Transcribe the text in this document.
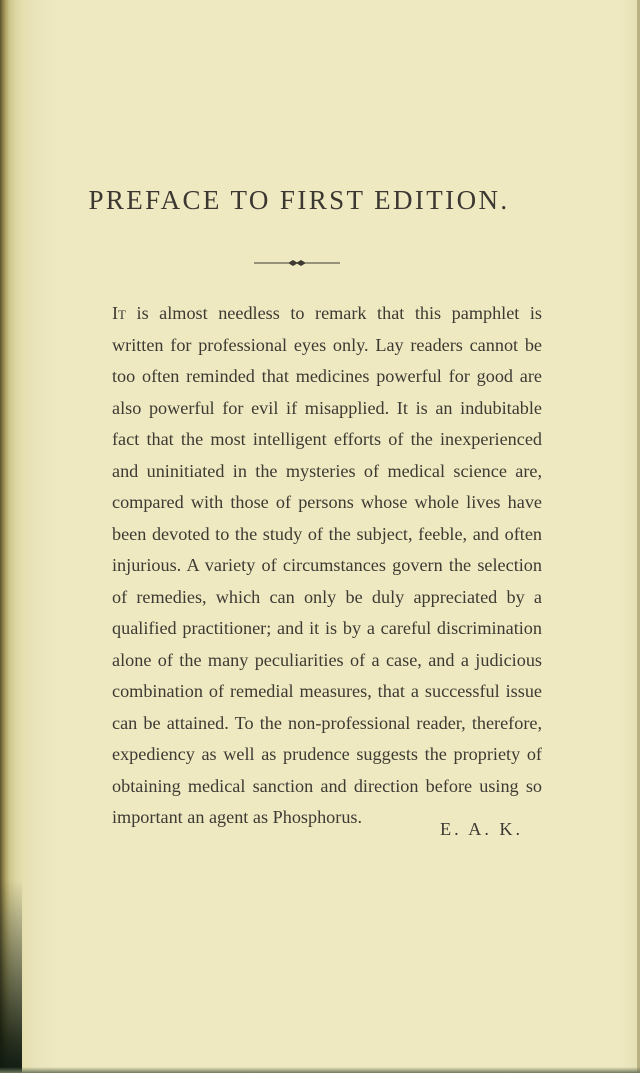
PREFACE TO FIRST EDITION.

It is almost needless to remark that this pamphlet is written for professional eyes only. Lay readers cannot be too often reminded that medicines powerful for good are also powerful for evil if misapplied. It is an indubitable fact that the most intelligent efforts of the inexperienced and uninitiated in the mysteries of medical science are, compared with those of persons whose whole lives have been devoted to the study of the subject, feeble, and often injurious. A variety of circumstances govern the selection of remedies, which can only be duly appreciated by a qualified practitioner; and it is by a careful discrimination alone of the many peculiarities of a case, and a judicious combination of remedial measures, that a successful issue can be attained. To the non-professional reader, therefore, expediency as well as prudence suggests the propriety of obtaining medical sanction and direction before using so important an agent as Phosphorus.

E. A. K.
